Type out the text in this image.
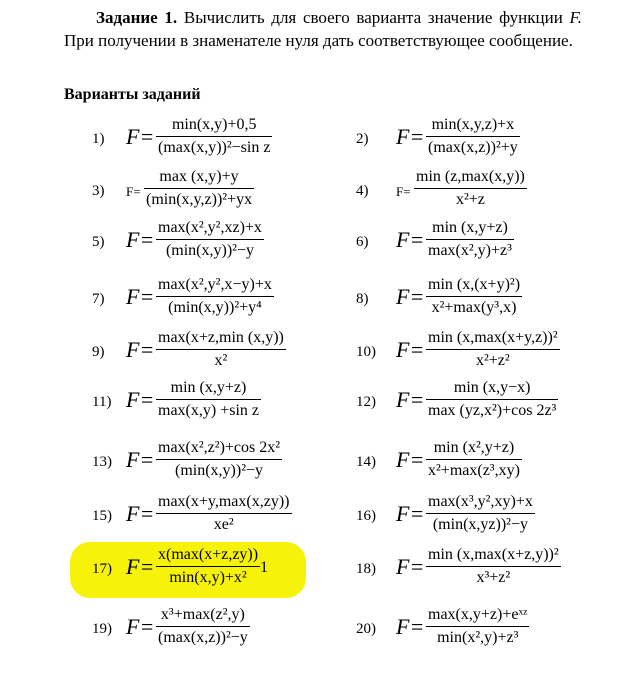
Задание 1. Вычислить для своего варианта значение функции F. При получении в знаменателе нуля дать соответствующее сообщение.
Варианты заданий
1) F= min(x,y)+0,5
(max(x,y))²−sin z	2) F= min(x,y,z)+x
(max(x,z))²+y
3) F=
max (x,y)+y
(min(x,y,z))²+yx	4) F=
min (z,max(x,y))
x²+z
5) F= max(x²,y²,xz)+x
(min(x,y))²−y	6) F= min (x,y+z)
max(x²,y)+z³
7) F= max(x²,y²,x−y)+x
(min(x,y))²+y⁴	8) F= min (x,(x+y)²)
x²+max(y³,x)
9) F= max(x+z,min (x,y))
x²	10) F= min (x,max(x+y,z))²
x²+z²
11) F= min (x,y+z)
max(x,y) +sin z	12) F= min (x,y−x)
max (yz,x²)+cos 2z³
13) F= max(x²,z²)+cos 2x²
(min(x,y))²−y	14) F= min (x²,y+z)
x²+max(z³,xy)
15) F= max(x+y,max(x,zy))
xe²	16) F= max(x³,y²,xy)+x
(min(x,yz))²−y
17) F= x(max(x+z,zy))
min(x,y)+x²
1	18) F= min (x,max(x+z,y))²
x³+z²
19) F= x³+max(z²,y)
(max(x,z))²−y	20) F= max(x,y+z)+eˣᶻ
min(x²,y)+z³
